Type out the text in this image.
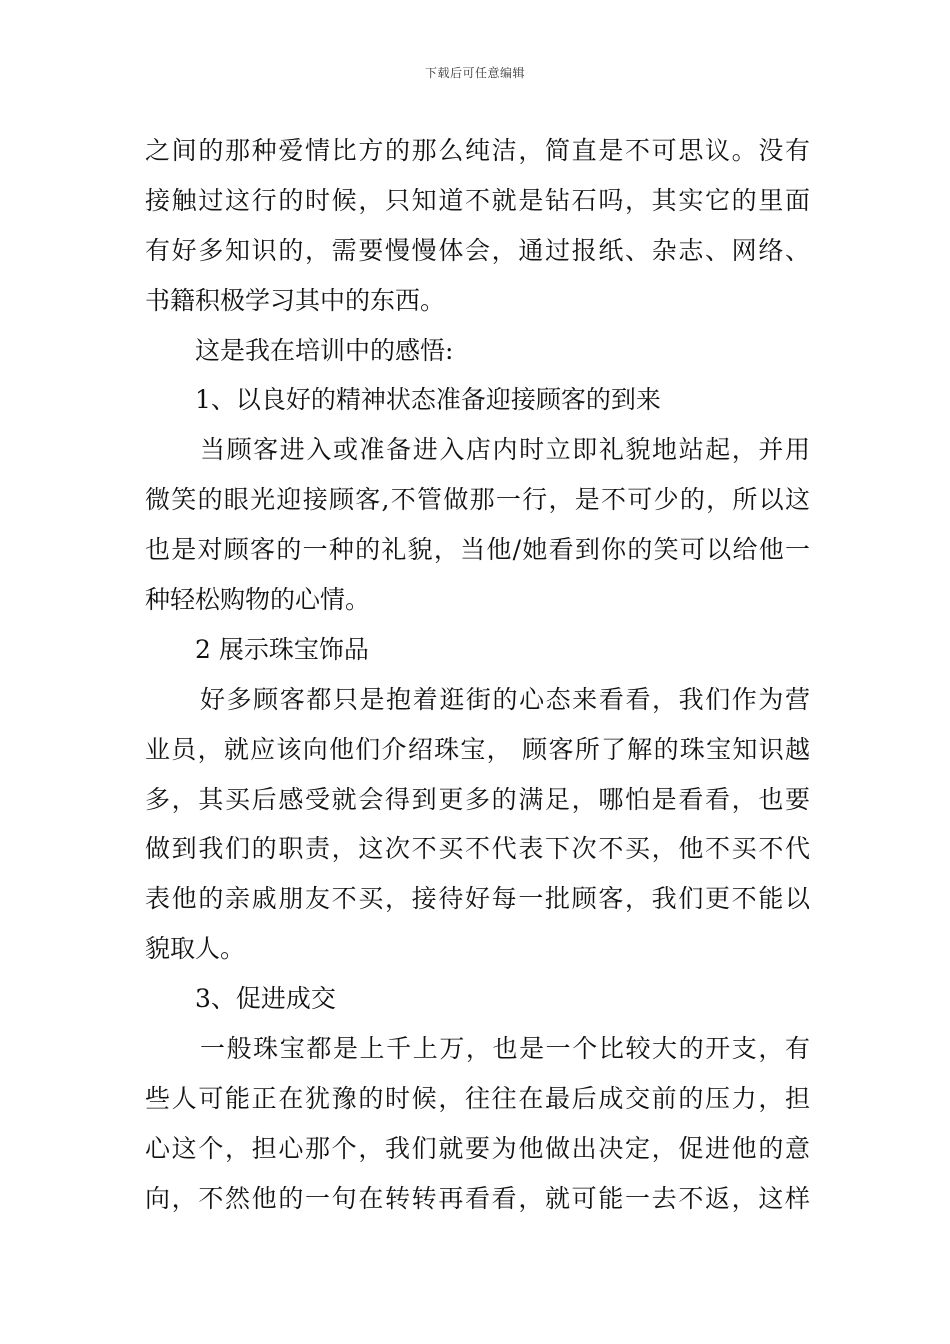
下载后可任意编辑
之间的那种爱情比方的那么纯洁，简直是不可思议。没有
接触过这行的时候，只知道不就是钻石吗，其实它的里面
有好多知识的，需要慢慢体会，通过报纸、杂志、网络、
书籍积极学习其中的东西。
这是我在培训中的感悟:
1、以良好的精神状态准备迎接顾客的到来
当顾客进入或准备进入店内时立即礼貌地站起，并用
微笑的眼光迎接顾客,不管做那一行，是不可少的，所以这
也是对顾客的一种的礼貌，当他/她看到你的笑可以给他一
种轻松购物的心情。
2 展示珠宝饰品
好多顾客都只是抱着逛街的心态来看看，我们作为营
业员，就应该向他们介绍珠宝， 顾客所了解的珠宝知识越
多，其买后感受就会得到更多的满足，哪怕是看看，也要
做到我们的职责，这次不买不代表下次不买，他不买不代
表他的亲戚朋友不买，接待好每一批顾客，我们更不能以
貌取人。
3、促进成交
一般珠宝都是上千上万，也是一个比较大的开支，有
些人可能正在犹豫的时候，往往在最后成交前的压力，担
心这个，担心那个，我们就要为他做出决定，促进他的意
向，不然他的一句在转转再看看，就可能一去不返，这样
